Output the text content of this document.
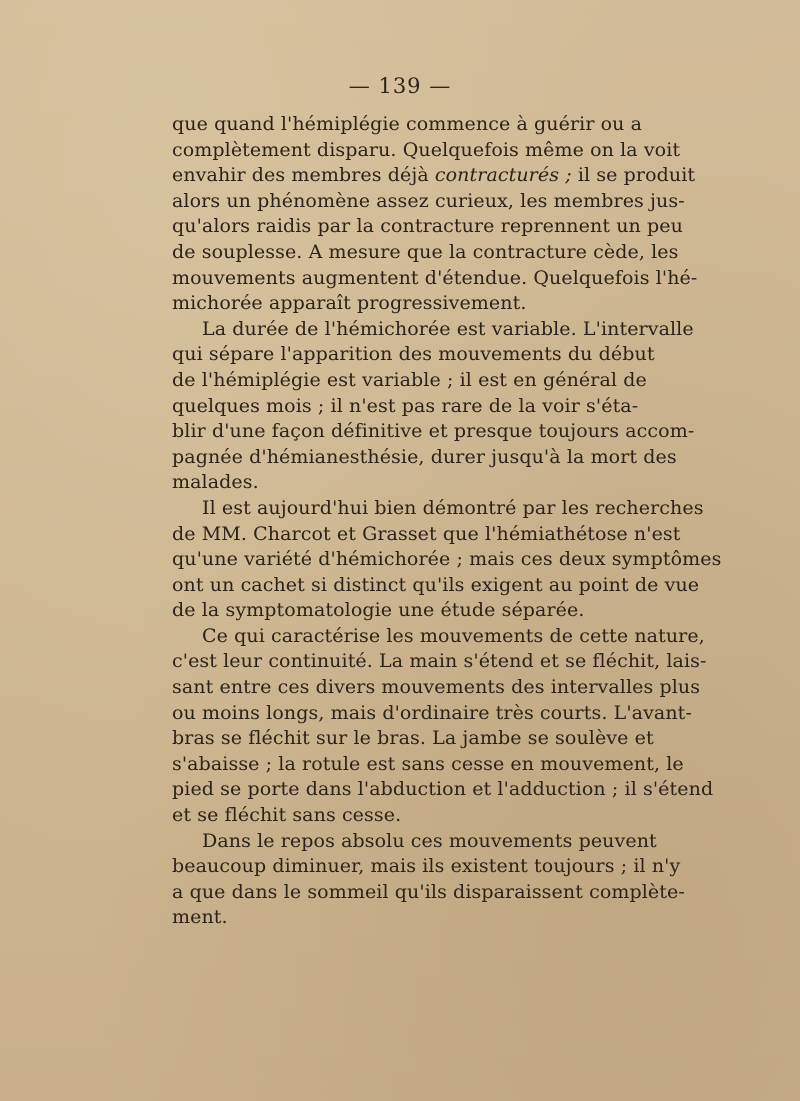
— 139 —
que quand l'hémiplégie commence à guérir ou a
complètement disparu. Quelquefois même on la voit
envahir des membres déjà contracturés ; il se produit
alors un phénomène assez curieux, les membres jus-
qu'alors raidis par la contracture reprennent un peu
de souplesse. A mesure que la contracture cède, les
mouvements augmentent d'étendue. Quelquefois l'hé-
michorée apparaît progressivement.
La durée de l'hémichorée est variable. L'intervalle
qui sépare l'apparition des mouvements du début
de l'hémiplégie est variable ; il est en général de
quelques mois ; il n'est pas rare de la voir s'éta-
blir d'une façon définitive et presque toujours accom-
pagnée d'hémianesthésie, durer jusqu'à la mort des
malades.
Il est aujourd'hui bien démontré par les recherches
de MM. Charcot et Grasset que l'hémiathétose n'est
qu'une variété d'hémichorée ; mais ces deux symptômes
ont un cachet si distinct qu'ils exigent au point de vue
de la symptomatologie une étude séparée.
Ce qui caractérise les mouvements de cette nature,
c'est leur continuité. La main s'étend et se fléchit, lais-
sant entre ces divers mouvements des intervalles plus
ou moins longs, mais d'ordinaire très courts. L'avant-
bras se fléchit sur le bras. La jambe se soulève et
s'abaisse ; la rotule est sans cesse en mouvement, le
pied se porte dans l'abduction et l'adduction ; il s'étend
et se fléchit sans cesse.
Dans le repos absolu ces mouvements peuvent
beaucoup diminuer, mais ils existent toujours ; il n'y
a que dans le sommeil qu'ils disparaissent complète-
ment.
